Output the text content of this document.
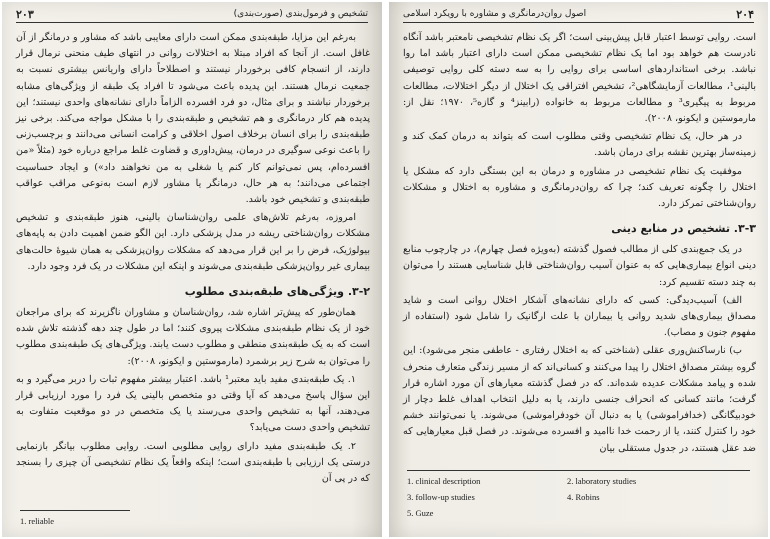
۲۰۳	تشخیص و فرمول‌بندی (صورت‌بندی)

به‌رغم این مزایا، طبقه‌بندی ممکن است دارای معایبی باشد که مشاور و درمانگر از آن غافل است. از آنجا که افراد مبتلا به اختلالات روانی در انتهای طیف منحنی نرمال قرار دارند، از انسجام کافی برخوردار نیستند و اصطلاحاً دارای واریانس بیشتری نسبت به جمعیت نرمال هستند. این پدیده باعث می‌شود تا افراد یک طبقه از ویژگی‌های مشابه برخوردار نباشند و برای مثال، دو فرد افسرده الزاماً دارای نشانه‌های واحدی نیستند؛ این پدیده هم کار درمانگری و هم تشخیص و طبقه‌بندی را با مشکل مواجه می‌کند. برخی نیز طبقه‌بندی را برای انسان برخلاف اصول اخلاقی و کرامت انسانی می‌دانند و برچسب‌زنی را باعث نوعی سوگیری در درمان، پیش‌داوری و قضاوت غلط مراجع درباره خود (مثلاً «من افسرده‌ام، پس نمی‌توانم کار کنم یا شغلی به من نخواهند داد») و ایجاد حساسیت اجتماعی می‌دانند؛ به هر حال، درمانگر یا مشاور لازم است به‌نوعی مراقب عواقب طبقه‌بندی و تشخیص خود باشد.

امروزه، به‌رغم تلاش‌های علمی روان‌شناسان بالینی، هنوز طبقه‌بندی و تشخیص مشکلات روان‌شناختی ریشه در مدل پزشکی دارد. این الگو ضمن اهمیت دادن به پایه‌های بیولوژیک، فرض را بر این قرار می‌دهد که مشکلات روان‌پزشکی به همان شیوهٔ حالت‌های بیماری غیر روان‌پزشکی طبقه‌بندی می‌شوند و اینکه این مشکلات در یک فرد وجود دارد.

۳-۲. ویژگی‌های طبقه‌بندی مطلوب

همان‌طور که پیش‌تر اشاره شد، روان‌شناسان و مشاوران ناگزیرند که برای مراجعان خود از یک نظام طبقه‌بندی مشکلات پیروی کنند؛ اما در طول چند دهه گذشته تلاش شده است که به یک طبقه‌بندی منطقی و مطلوب دست یابند. ویژگی‌های یک طبقه‌بندی مطلوب را می‌توان به شرح زیر برشمرد (مارموستین و ایکونو، ۲۰۰۸):

۱. یک طبقه‌بندی مفید باید معتبر¹ باشد. اعتبار بیشتر مفهوم ثبات را دربر می‌گیرد و به این سؤال پاسخ می‌دهد که آیا وقتی دو متخصص بالینی یک فرد را مورد ارزیابی قرار می‌دهند، آنها به تشخیص واحدی می‌رسند یا یک متخصص در دو موقعیت متفاوت به تشخیص واحدی دست می‌یابد؟

۲. یک طبقه‌بندی مفید دارای روایی مطلوبی است. روایی مطلوب بیانگر بازنمایی درستی یک ارزیابی با طبقه‌بندی است؛ اینکه واقعاً یک نظام تشخیصی آن چیزی را بسنجد که در پی آن

1. reliable
۲۰۴
اصول روان‌درمانگری و مشاوره با رویکرد اسلامی

است. روایی توسط اعتبار قابل پیش‌بینی است؛ اگر یک نظام تشخیصی نامعتبر باشد آنگاه نادرست هم خواهد بود اما یک نظام تشخیصی ممکن است دارای اعتبار باشد اما روا نباشد. برخی استانداردهای اساسی برای روایی را به سه دسته کلی روایی توصیفی بالینی¹، مطالعات آزمایشگاهی²، تشخیص افتراقی یک اختلال از دیگر اختلالات، مطالعات مربوط به پیگیری³ و مطالعات مربوط به خانواده (رابینز⁴ و گازه⁵، ۱۹۷۰؛ نقل از: مارموستین و ایکونو، ۲۰۰۸).

در هر حال، یک نظام تشخیصی وقتی مطلوب است که بتواند به درمان کمک کند و زمینه‌ساز بهترین نقشه برای درمان باشد.

موفقیت یک نظام تشخیصی در مشاوره و درمان به این بستگی دارد که مشکل یا اختلال را چگونه تعریف کند؛ چرا که روان‌درمانگری و مشاوره به اختلال و مشکلات روان‌شناختی تمرکز دارد.

۳-۳. تشخیص در منابع دینی

در یک جمع‌بندی کلی از مطالب فصول گذشته (به‌ویژه فصل چهارم)، در چارچوب منابع دینی انواع بیماری‌هایی که به عنوان آسیب روان‌شناختی قابل شناسایی هستند را می‌توان به چند دسته تقسیم کرد:

الف) آسیب‌دیدگی: کسی که دارای نشانه‌های آشکار اختلال روانی است و شاید مصداق بیماری‌های شدید روانی یا بیماران با علت ارگانیک را شامل شود (استفاده از مفهوم جنون و مصاب).

ب) نارساکنش‌وری عقلی (شناختی که به اختلال رفتاری - عاطفی منجر می‌شود): این گروه بیشتر مصداق اختلال را پیدا می‌کنند و کسانی‌اند که از مسیر زندگی متعارف منحرف شده و پیامد مشکلات عدیده شده‌اند. که در فصل گذشته معیارهای آن مورد اشاره قرار گرفت؛ مانند کسانی که انحراف جنسی دارند، یا به دلیل انتخاب اهداف غلط دچار از خودبیگانگی (خدافراموشی) یا به دنبال آن خودفراموشی) می‌شوند. یا نمی‌توانند خشم خود را کنترل کنند، یا از رحمت خدا ناامید و افسرده می‌شوند. در فصل قبل معیارهایی که ضد عقل هستند، در جدول مستقلی بیان

1. clinical description	2. laboratory studies
3. follow-up studies	4. Robins
5. Guze
